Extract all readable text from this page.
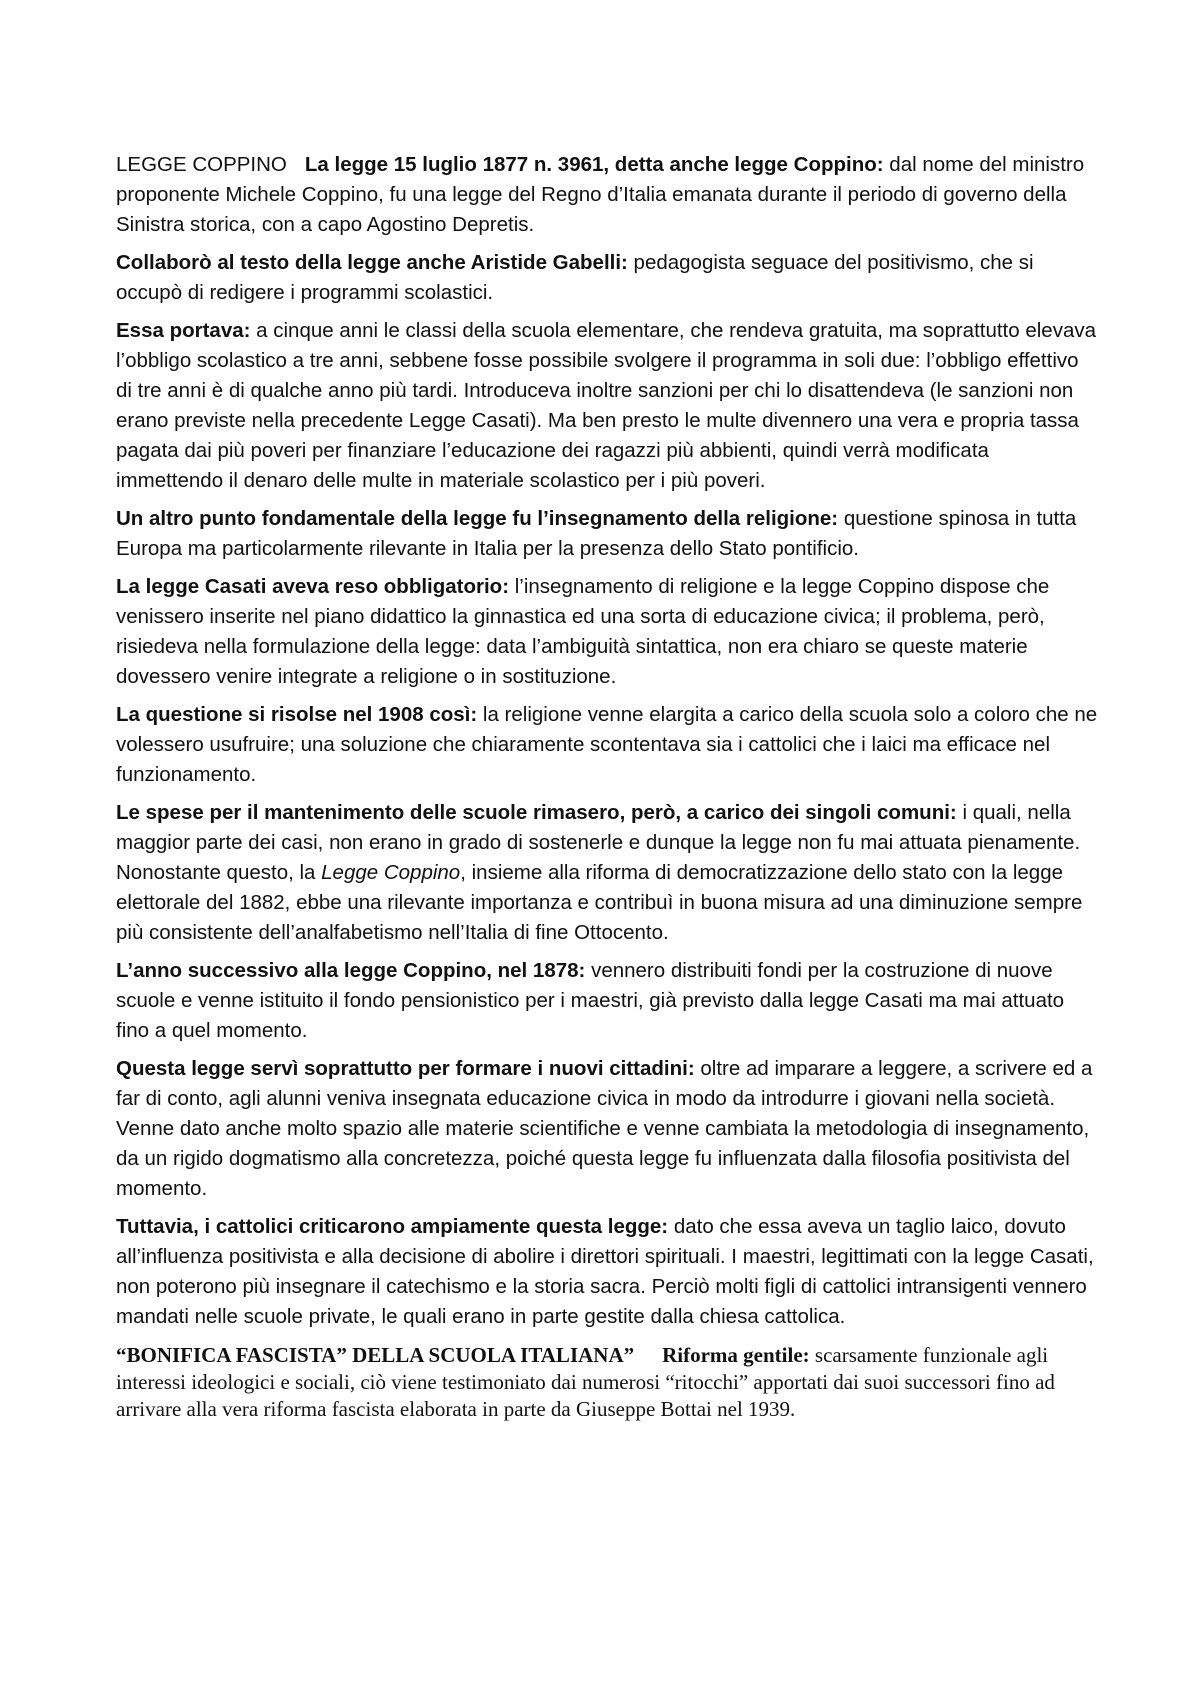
LEGGE COPPINO La legge 15 luglio 1877 n. 3961, detta anche legge Coppino: dal nome del ministro proponente Michele Coppino, fu una legge del Regno d’Italia emanata durante il periodo di governo della Sinistra storica, con a capo Agostino Depretis.

Collaborò al testo della legge anche Aristide Gabelli: pedagogista seguace del positivismo, che si occupò di redigere i programmi scolastici.

Essa portava: a cinque anni le classi della scuola elementare, che rendeva gratuita, ma soprattutto elevava l’obbligo scolastico a tre anni, sebbene fosse possibile svolgere il programma in soli due: l’obbligo effettivo di tre anni è di qualche anno più tardi. Introduceva inoltre sanzioni per chi lo disattendeva (le sanzioni non erano previste nella precedente Legge Casati). Ma ben presto le multe divennero una vera e propria tassa pagata dai più poveri per finanziare l’educazione dei ragazzi più abbienti, quindi verrà modificata immettendo il denaro delle multe in materiale scolastico per i più poveri.

Un altro punto fondamentale della legge fu l’insegnamento della religione: questione spinosa in tutta Europa ma particolarmente rilevante in Italia per la presenza dello Stato pontificio.

La legge Casati aveva reso obbligatorio: l’insegnamento di religione e la legge Coppino dispose che venissero inserite nel piano didattico la ginnastica ed una sorta di educazione civica; il problema, però, risiedeva nella formulazione della legge: data l’ambiguità sintattica, non era chiaro se queste materie dovessero venire integrate a religione o in sostituzione.

La questione si risolse nel 1908 così: la religione venne elargita a carico della scuola solo a coloro che ne volessero usufruire; una soluzione che chiaramente scontentava sia i cattolici che i laici ma efficace nel funzionamento.

Le spese per il mantenimento delle scuole rimasero, però, a carico dei singoli comuni: i quali, nella maggior parte dei casi, non erano in grado di sostenerle e dunque la legge non fu mai attuata pienamente. Nonostante questo, la Legge Coppino, insieme alla riforma di democratizzazione dello stato con la legge elettorale del 1882, ebbe una rilevante importanza e contribuì in buona misura ad una diminuzione sempre più consistente dell’analfabetismo nell’Italia di fine Ottocento.

L’anno successivo alla legge Coppino, nel 1878: vennero distribuiti fondi per la costruzione di nuove scuole e venne istituito il fondo pensionistico per i maestri, già previsto dalla legge Casati ma mai attuato fino a quel momento.

Questa legge servì soprattutto per formare i nuovi cittadini: oltre ad imparare a leggere, a scrivere ed a far di conto, agli alunni veniva insegnata educazione civica in modo da introdurre i giovani nella società. Venne dato anche molto spazio alle materie scientifiche e venne cambiata la metodologia di insegnamento, da un rigido dogmatismo alla concretezza, poiché questa legge fu influenzata dalla filosofia positivista del momento.

Tuttavia, i cattolici criticarono ampiamente questa legge: dato che essa aveva un taglio laico, dovuto all’influenza positivista e alla decisione di abolire i direttori spirituali. I maestri, legittimati con la legge Casati, non poterono più insegnare il catechismo e la storia sacra. Perciò molti figli di cattolici intransigenti vennero mandati nelle scuole private, le quali erano in parte gestite dalla chiesa cattolica.

“BONIFICA FASCISTA” DELLA SCUOLA ITALIANA” Riforma gentile: scarsamente funzionale agli interessi ideologici e sociali, ciò viene testimoniato dai numerosi “ritocchi” apportati dai suoi successori fino ad arrivare alla vera riforma fascista elaborata in parte da Giuseppe Bottai nel 1939.
